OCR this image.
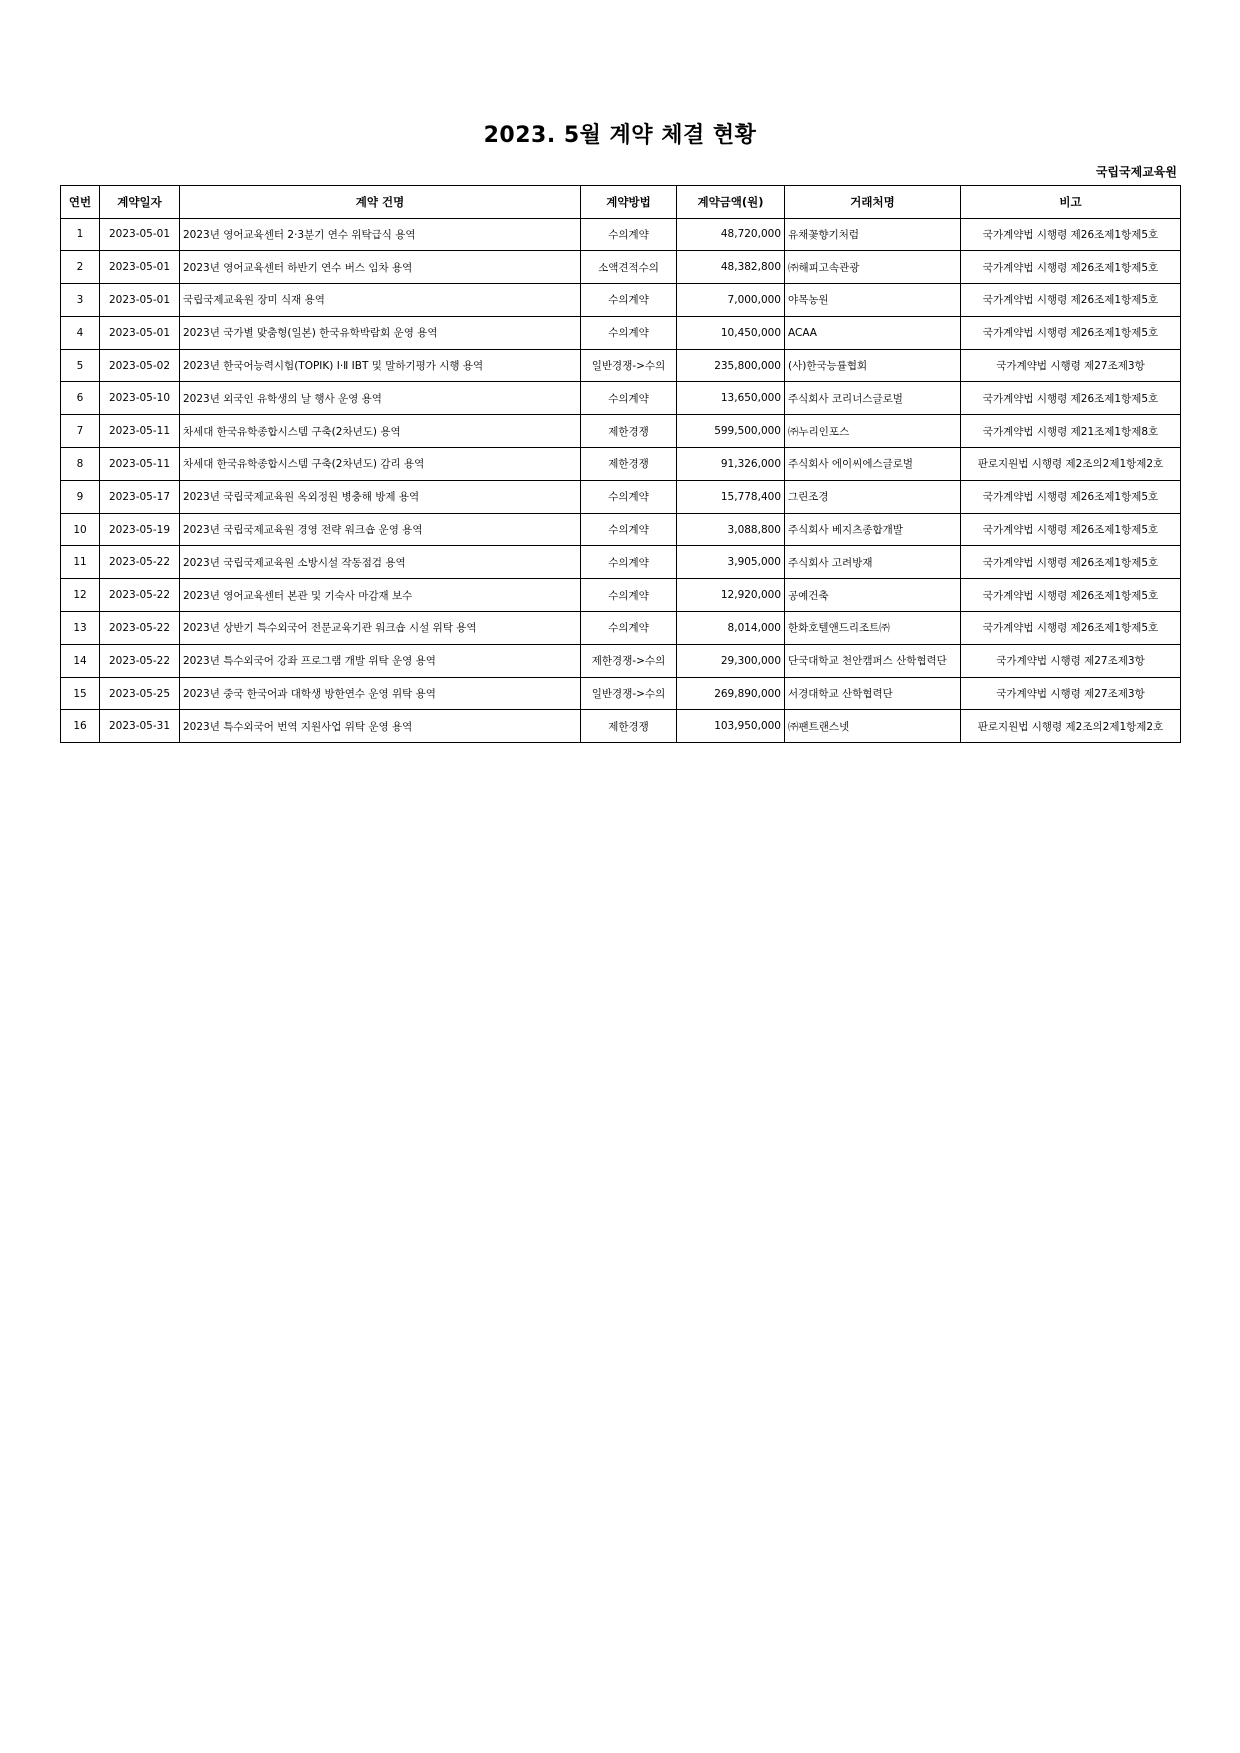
2023. 5월 계약 체결 현황
국립국제교육원
연번	계약일자	계약 건명	계약방법	계약금액(원)	거래처명	비고
1	2023-05-01	2023년 영어교육센터 2·3분기 연수 위탁급식 용역	수의계약	48,720,000	유채꽃향기처럼	국가계약법 시행령 제26조제1항제5호
2	2023-05-01	2023년 영어교육센터 하반기 연수 버스 임차 용역	소액견적수의	48,382,800	㈜해피고속관광	국가계약법 시행령 제26조제1항제5호
3	2023-05-01	국립국제교육원 장미 식재 용역	수의계약	7,000,000	야목농원	국가계약법 시행령 제26조제1항제5호
4	2023-05-01	2023년 국가별 맞춤형(일본) 한국유학박람회 운영 용역	수의계약	10,450,000	ACAA	국가계약법 시행령 제26조제1항제5호
5	2023-05-02	2023년 한국어능력시험(TOPIK) Ⅰ·Ⅱ IBT 및 말하기평가 시행 용역	일반경쟁->수의	235,800,000	(사)한국능률협회	국가계약법 시행령 제27조제3항
6	2023-05-10	2023년 외국인 유학생의 날 행사 운영 용역	수의계약	13,650,000	주식회사 코리너스글로벌	국가계약법 시행령 제26조제1항제5호
7	2023-05-11	차세대 한국유학종합시스템 구축(2차년도) 용역	제한경쟁	599,500,000	㈜누리인포스	국가계약법 시행령 제21조제1항제8호
8	2023-05-11	차세대 한국유학종합시스템 구축(2차년도) 감리 용역	제한경쟁	91,326,000	주식회사 에이씨에스글로벌	판로지원법 시행령 제2조의2제1항제2호
9	2023-05-17	2023년 국립국제교육원 옥외정원 병충해 방제 용역	수의계약	15,778,400	그린조경	국가계약법 시행령 제26조제1항제5호
10	2023-05-19	2023년 국립국제교육원 경영 전략 워크숍 운영 용역	수의계약	3,088,800	주식회사 베지츠종합개발	국가계약법 시행령 제26조제1항제5호
11	2023-05-22	2023년 국립국제교육원 소방시설 작동점검 용역	수의계약	3,905,000	주식회사 고려방재	국가계약법 시행령 제26조제1항제5호
12	2023-05-22	2023년 영어교육센터 본관 및 기숙사 마감재 보수	수의계약	12,920,000	공예건축	국가계약법 시행령 제26조제1항제5호
13	2023-05-22	2023년 상반기 특수외국어 전문교육기관 워크숍 시설 위탁 용역	수의계약	8,014,000	한화호텔앤드리조트㈜	국가계약법 시행령 제26조제1항제5호
14	2023-05-22	2023년 특수외국어 강좌 프로그램 개발 위탁 운영 용역	제한경쟁->수의	29,300,000	단국대학교 천안캠퍼스 산학협력단	국가계약법 시행령 제27조제3항
15	2023-05-25	2023년 중국 한국어과 대학생 방한연수 운영 위탁 용역	일반경쟁->수의	269,890,000	서경대학교 산학협력단	국가계약법 시행령 제27조제3항
16	2023-05-31	2023년 특수외국어 번역 지원사업 위탁 운영 용역	제한경쟁	103,950,000	㈜팬트랜스넷	판로지원법 시행령 제2조의2제1항제2호
